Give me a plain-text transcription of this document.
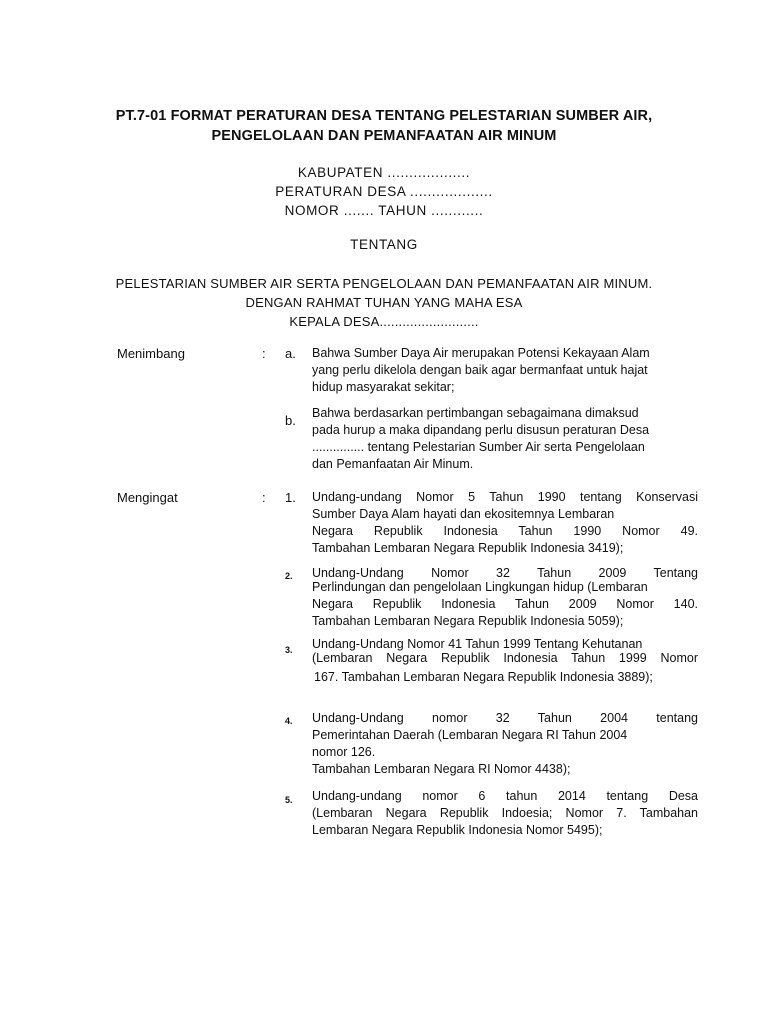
PT.7-01 FORMAT PERATURAN DESA TENTANG PELESTARIAN SUMBER AIR,
PENGELOLAAN DAN PEMANFAATAN AIR MINUM
KABUPATEN ...................
PERATURAN DESA ...................
NOMOR ....... TAHUN ............
TENTANG
PELESTARIAN SUMBER AIR SERTA PENGELOLAAN DAN PEMANFAATAN AIR MINUM.
DENGAN RAHMAT TUHAN YANG MAHA ESA
KEPALA DESA..........................
Menimbang	: a. Bahwa Sumber Daya Air merupakan Potensi Kekayaan Alam
yang perlu dikelola dengan baik agar bermanfaat untuk hajat
hidup masyarakat sekitar;
b. Bahwa berdasarkan pertimbangan sebagaimana dimaksud
pada hurup a maka dipandang perlu disusun peraturan Desa
............... tentang Pelestarian Sumber Air serta Pengelolaan
dan Pemanfaatan Air Minum.
Mengingat	: 1. Undang-undang Nomor 5 Tahun 1990 tentang Konservasi
Sumber Daya Alam hayati dan ekositemnya Lembaran
Negara Republik Indonesia Tahun 1990 Nomor 49.
Tambahan Lembaran Negara Republik Indonesia 3419);
2. Undang-Undang Nomor 32 Tahun 2009 Tentang
Perlindungan dan pengelolaan Lingkungan hidup (Lembaran
Negara Republik Indonesia Tahun 2009 Nomor 140.
Tambahan Lembaran Negara Republik Indonesia 5059);
3. Undang-Undang Nomor 41 Tahun 1999 Tentang Kehutanan
(Lembaran Negara Republik Indonesia Tahun 1999 Nomor
167. Tambahan Lembaran Negara Republik Indonesia 3889);
4. Undang-Undang nomor 32 Tahun 2004 tentang
Pemerintahan Daerah (Lembaran Negara RI Tahun 2004
nomor 126.
Tambahan Lembaran Negara RI Nomor 4438);
5. Undang-undang nomor 6 tahun 2014 tentang Desa
(Lembaran Negara Republik Indoesia; Nomor 7. Tambahan
Lembaran Negara Republik Indonesia Nomor 5495);
